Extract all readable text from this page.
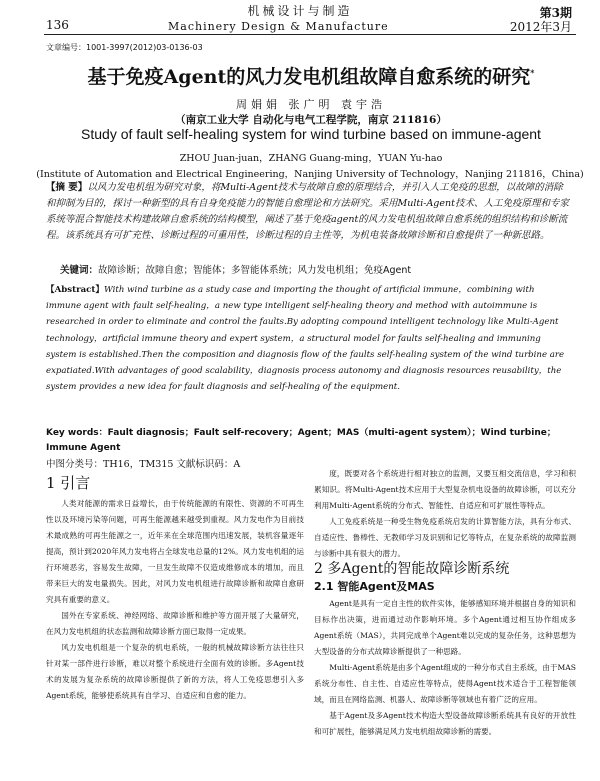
机械设计与制造	第3期
136	Machinery Design & Manufacture	2012年3月
文章编号：1001-3997(2012)03-0136-03
基于免疫Agent的风力发电机组故障自愈系统的研究*
周娟娟 张广明 袁宇浩
（南京工业大学 自动化与电气工程学院，南京 211816）
Study of fault self-healing system for wind turbine based on immune-agent
ZHOU Juan-juan，ZHANG Guang-ming，YUAN Yu-hao
(Institute of Automation and Electrical Engineering，Nanjing University of Technology，Nanjing 211816，China)
【摘 要】以风力发电机组为研究对象，将Multi-Agent技术与故障自愈的原理结合，并引入人工免疫的思想，以故障的消除和抑制为目的，探讨一种新型的具有自身免疫能力的智能自愈理论和方法研究。采用Multi-Agent技术、人工免疫原理和专家系统等混合智能技术构建故障自愈系统的结构模型，阐述了基于免疫agent的风力发电机组故障自愈系统的组织结构和诊断流程。该系统具有可扩充性、诊断过程的可重用性，诊断过程的自主性等，为机电装备故障诊断和自愈提供了一种新思路。
关键词：故障诊断；故障自愈；智能体；多智能体系统；风力发电机组；免疫Agent
【Abstract】With wind turbine as a study case and importing the thought of artificial immune，combining with immune agent with fault self-healing，a new type intelligent self-healing theory and method with autoimmune is researched in order to eliminate and control the faults.By adopting compound intelligent technology like Multi-Agent technology，artificial immune theory and expert system，a structural model for faults self-healing and immuning system is established.Then the composition and diagnosis flow of the faults self-healing system of the wind turbine are expatiated.With advantages of good scalability，diagnosis process autonomy and diagnosis resources reusability，the system provides a new idea for fault diagnosis and self-healing of the equipment.
Key words：Fault diagnosis；Fault self-recovery；Agent；MAS（multi-agent system）；Wind turbine；Immune Agent
中图分类号：TH16，TM315 文献标识码：A
1 引言

人类对能源的需求日益增长，由于传统能源的有限性、资源的不可再生性以及环境污染等问题，可再生能源越来越受到重视。风力发电作为目前技术最成熟的可再生能源之一，近年来在全球范围内迅速发展，装机容量逐年提高，预计到2020年风力发电将占全球发电总量的12%。风力发电机组的运行环境恶劣，容易发生故障，一旦发生故障不仅造成维修成本的增加，而且带来巨大的发电量损失。因此，对风力发电机组进行故障诊断和故障自愈研究具有重要的意义。

国外在专家系统、神经网络、故障诊断和维护等方面开展了大量研究，在风力发电机组的状态监测和故障诊断方面已取得一定成果。

风力发电机组是一个复杂的机电系统，一般的机械故障诊断方法往往只针对某一部件进行诊断，难以对整个系统进行全面有效的诊断。多Agent技术的发展为复杂系统的故障诊断提供了新的方法，将人工免疫思想引入多Agent系统，能够使系统具有自学习、自适应和自愈的能力。

度，既要对各个系统进行相对独立的监测，又要互相交流信息，学习和积累知识。将Multi-Agent技术应用于大型复杂机电设备的故障诊断，可以充分利用Multi-Agent系统的分布式、智能性、自适应和可扩展性等特点。

人工免疫系统是一种受生物免疫系统启发的计算智能方法，具有分布式、自适应性、鲁棒性、无教师学习及识别和记忆等特点，在复杂系统的故障监测与诊断中具有很大的潜力。

2 多Agent的智能故障诊断系统
2.1 智能Agent及MAS

Agent是具有一定自主性的软件实体，能够感知环境并根据自身的知识和目标作出决策，进而通过动作影响环境。多个Agent通过相互协作组成多Agent系统（MAS），共同完成单个Agent难以完成的复杂任务，这种思想为大型设备的分布式故障诊断提供了一种思路。

Multi-Agent系统是由多个Agent组成的一种分布式自主系统，由于MAS系统分布性、自主性、自适应性等特点，使得Agent技术适合于工程智能领域，而且在网络监测、机器人、故障诊断等领域也有着广泛的应用。

基于Agent及多Agent技术构造大型设备故障诊断系统具有良好的开放性和可扩展性，能够满足风力发电机组故障诊断的需要。
